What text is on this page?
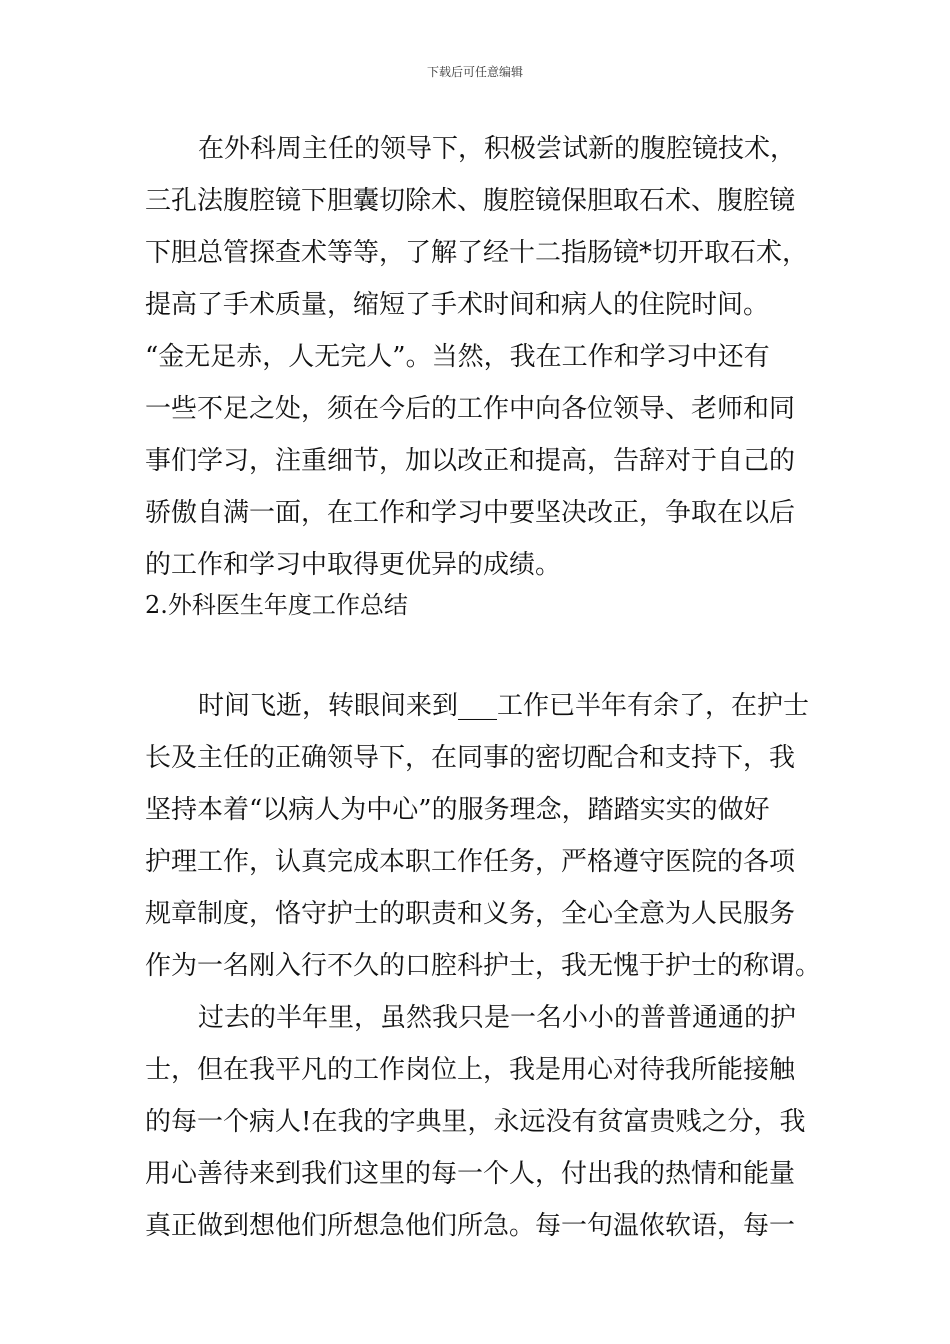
下载后可任意编辑
在外科周主任的领导下，积极尝试新的腹腔镜技术，
三孔法腹腔镜下胆囊切除术、腹腔镜保胆取石术、腹腔镜
下胆总管探查术等等，了解了经十二指肠镜*切开取石术，
提高了手术质量，缩短了手术时间和病人的住院时间。
“金无足赤，人无完人”。当然，我在工作和学习中还有
一些不足之处，须在今后的工作中向各位领导、老师和同
事们学习，注重细节，加以改正和提高，告辞对于自己的
骄傲自满一面，在工作和学习中要坚决改正，争取在以后
的工作和学习中取得更优异的成绩。
2.外科医生年度工作总结
时间飞逝，转眼间来到___工作已半年有余了，在护士
长及主任的正确领导下，在同事的密切配合和支持下，我
坚持本着“以病人为中心”的服务理念，踏踏实实的做好
护理工作，认真完成本职工作任务，严格遵守医院的各项
规章制度，恪守护士的职责和义务，全心全意为人民服务
作为一名刚入行不久的口腔科护士，我无愧于护士的称谓。
过去的半年里，虽然我只是一名小小的普普通通的护
士，但在我平凡的工作岗位上，我是用心对待我所能接触
的每一个病人!在我的字典里，永远没有贫富贵贱之分，我
用心善待来到我们这里的每一个人，付出我的热情和能量
真正做到想他们所想急他们所急。每一句温侬软语，每一
